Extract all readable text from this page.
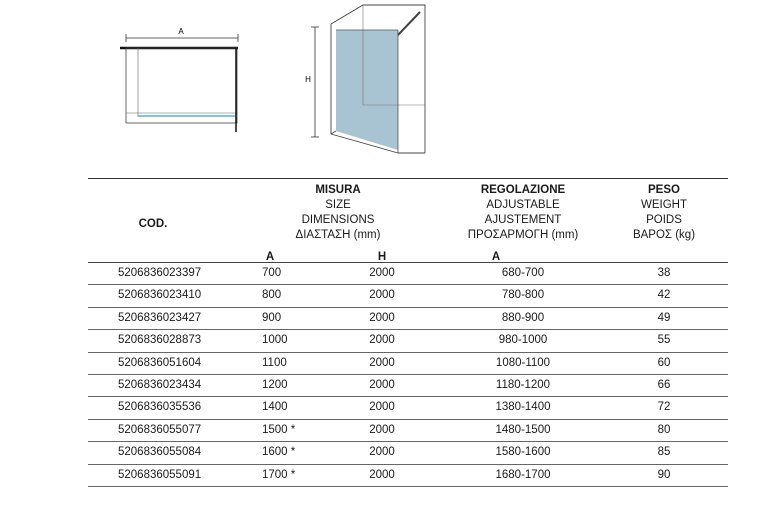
A
H
COD.
MISURA
SIZE
DIMENSIONS
ΔΙΑΣΤΑΣΗ (mm)
REGOLAZIONE
ADJUSTABLE
AJUSTEMENT
ΠΡΟΣΑΡΜΟΓΗ (mm)
PESO
WEIGHT
POIDS
ΒΑΡΟΣ (kg)
A	H	A
5206836023397	700	2000	680-700	38
5206836023410	800	2000	780-800	42
5206836023427	900	2000	880-900	49
5206836028873	1000	2000	980-1000	55
5206836051604	1100	2000	1080-1100	60
5206836023434	1200	2000	1180-1200	66
5206836035536	1400	2000	1380-1400	72
5206836055077	1500 *	2000	1480-1500	80
5206836055084	1600 *	2000	1580-1600	85
5206836055091	1700 *	2000	1680-1700	90
